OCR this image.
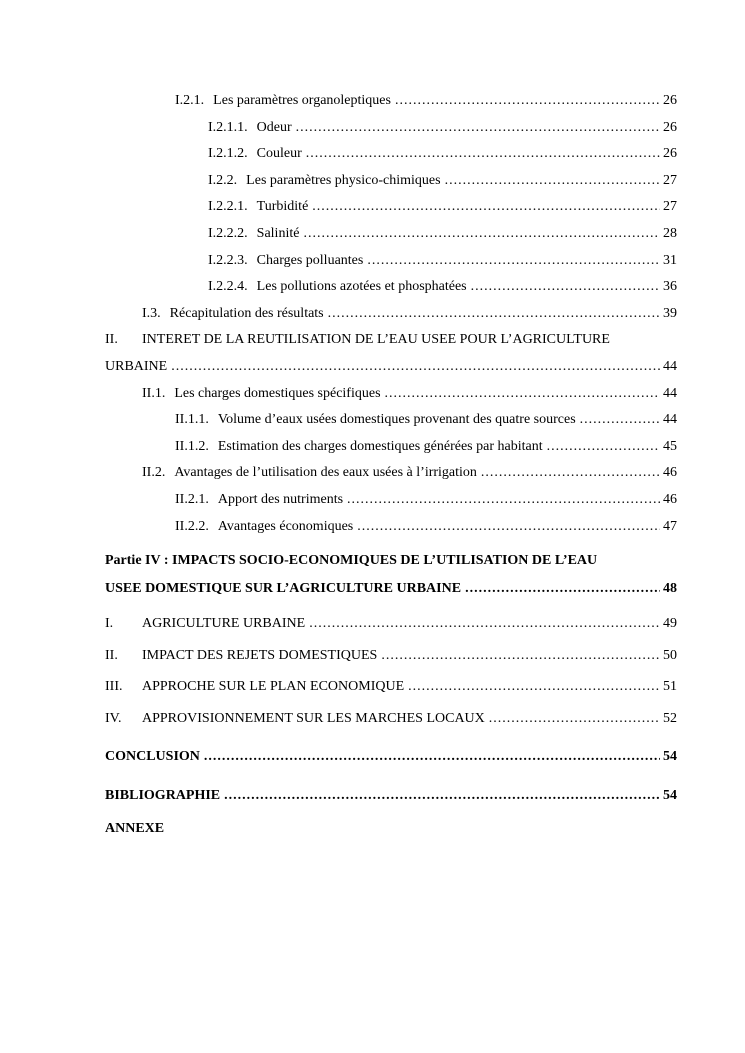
I.2.1. Les paramètres organoleptiques .....	26
I.2.1.1. Odeur .....	26
I.2.1.2. Couleur .....	26
I.2.2. Les paramètres physico-chimiques .....	27
I.2.2.1. Turbidité .....	27
I.2.2.2. Salinité .....	28
I.2.2.3. Charges polluantes .....	31
I.2.2.4. Les pollutions azotées et phosphatées .....	36
I.3. Récapitulation des résultats .....	39
II.	INTERET DE LA REUTILISATION DE L’EAU USEE POUR L’AGRICULTURE
URBAINE .....	44
II.1. Les charges domestiques spécifiques .....	44
II.1.1. Volume d’eaux usées domestiques provenant des quatre sources .....	44
II.1.2. Estimation des charges domestiques générées par habitant .....	45
II.2. Avantages de l’utilisation des eaux usées à l’irrigation .....	46
II.2.1. Apport des nutriments .....	46
II.2.2. Avantages économiques .....	47
Partie IV : IMPACTS SOCIO-ECONOMIQUES DE L’UTILISATION DE L’EAU
USEE DOMESTIQUE SUR L’AGRICULTURE URBAINE .....	48
I.	AGRICULTURE URBAINE .....	49
II.	IMPACT DES REJETS DOMESTIQUES .....	50
III.	APPROCHE SUR LE PLAN ECONOMIQUE .....	51
IV.	APPROVISIONNEMENT SUR LES MARCHES LOCAUX .....	52
CONCLUSION .....	54
BIBLIOGRAPHIE .....	54
ANNEXE
